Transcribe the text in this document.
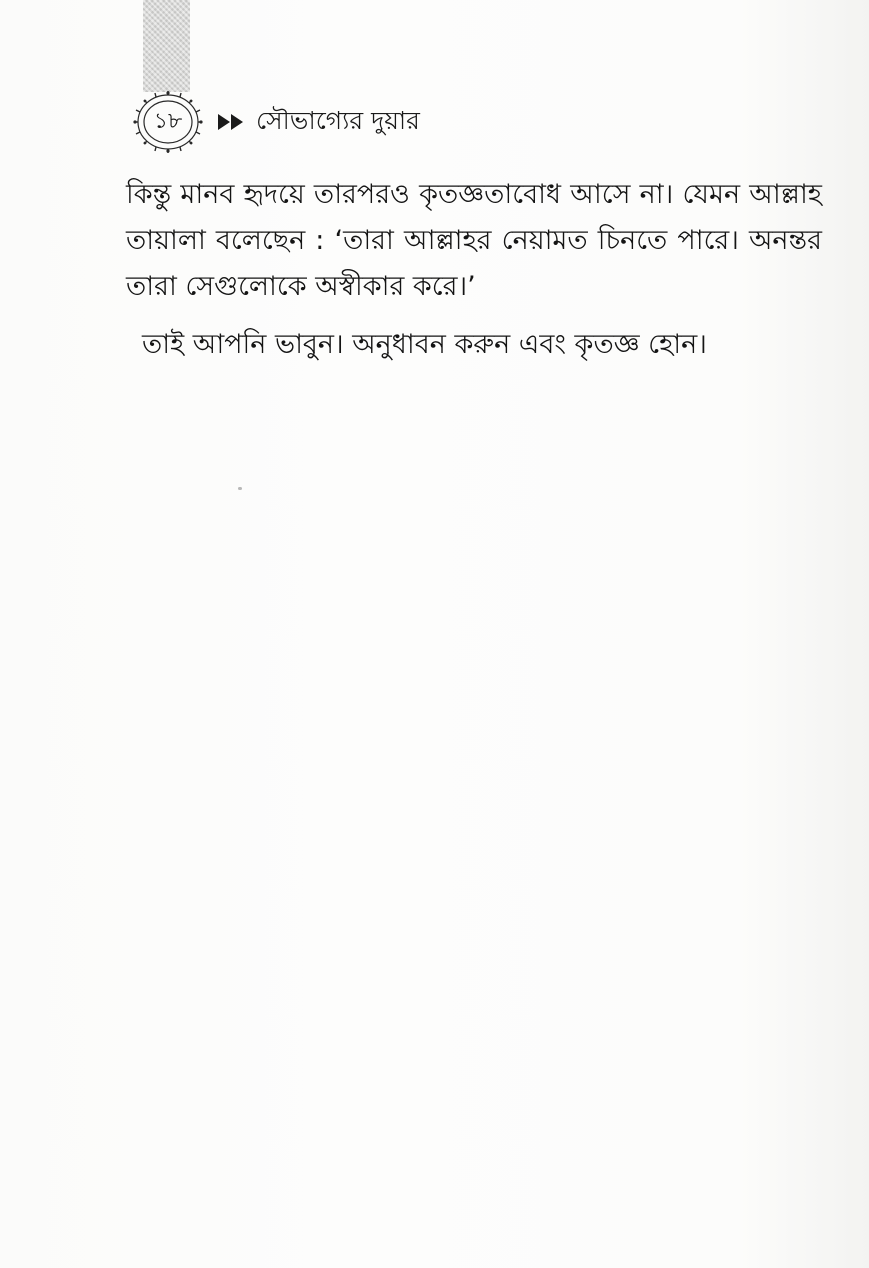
১৮	সৌভাগ্যের দুয়ার

কিন্তু মানব হৃদয়ে তারপরও কৃতজ্ঞতাবোধ আসে না। যেমন আল্লাহ তায়ালা বলেছেন : ‘তারা আল্লাহর নেয়ামত চিনতে পারে। অনন্তর তারা সেগুলোকে অস্বীকার করে।’

তাই আপনি ভাবুন। অনুধাবন করুন এবং কৃতজ্ঞ হোন।
